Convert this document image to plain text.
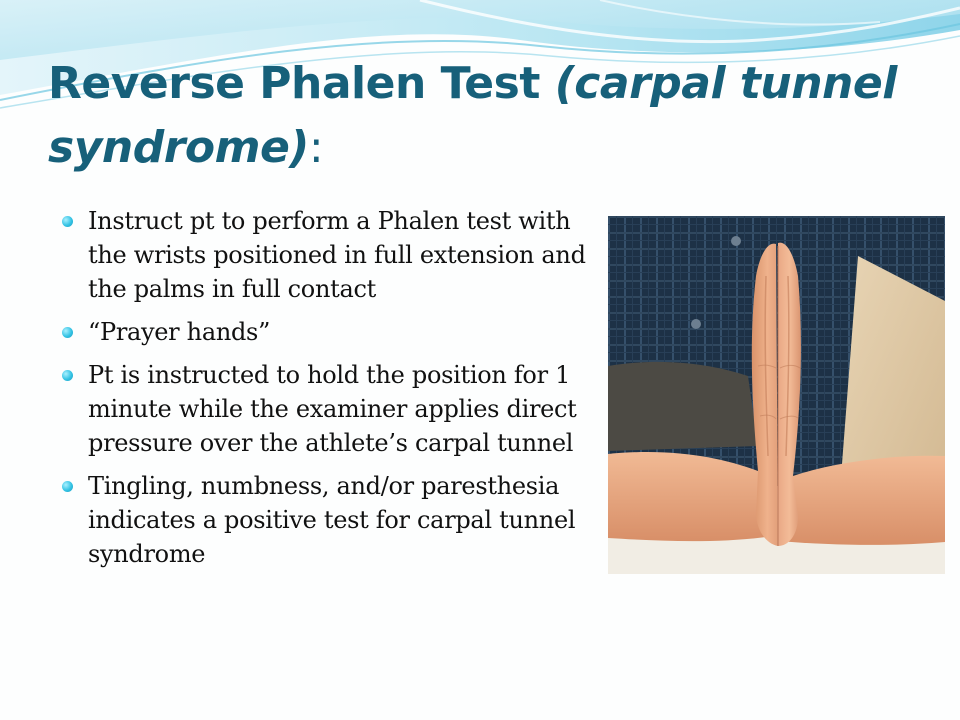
Reverse Phalen Test (carpal tunnel syndrome):
Instruct pt to perform a Phalen test with the wrists positioned in full extension and the palms in full contact
“Prayer hands”
Pt is instructed to hold the position for 1 minute while the examiner applies direct pressure over the athlete’s carpal tunnel
Tingling, numbness, and/or paresthesia indicates a positive test for carpal tunnel syndrome
